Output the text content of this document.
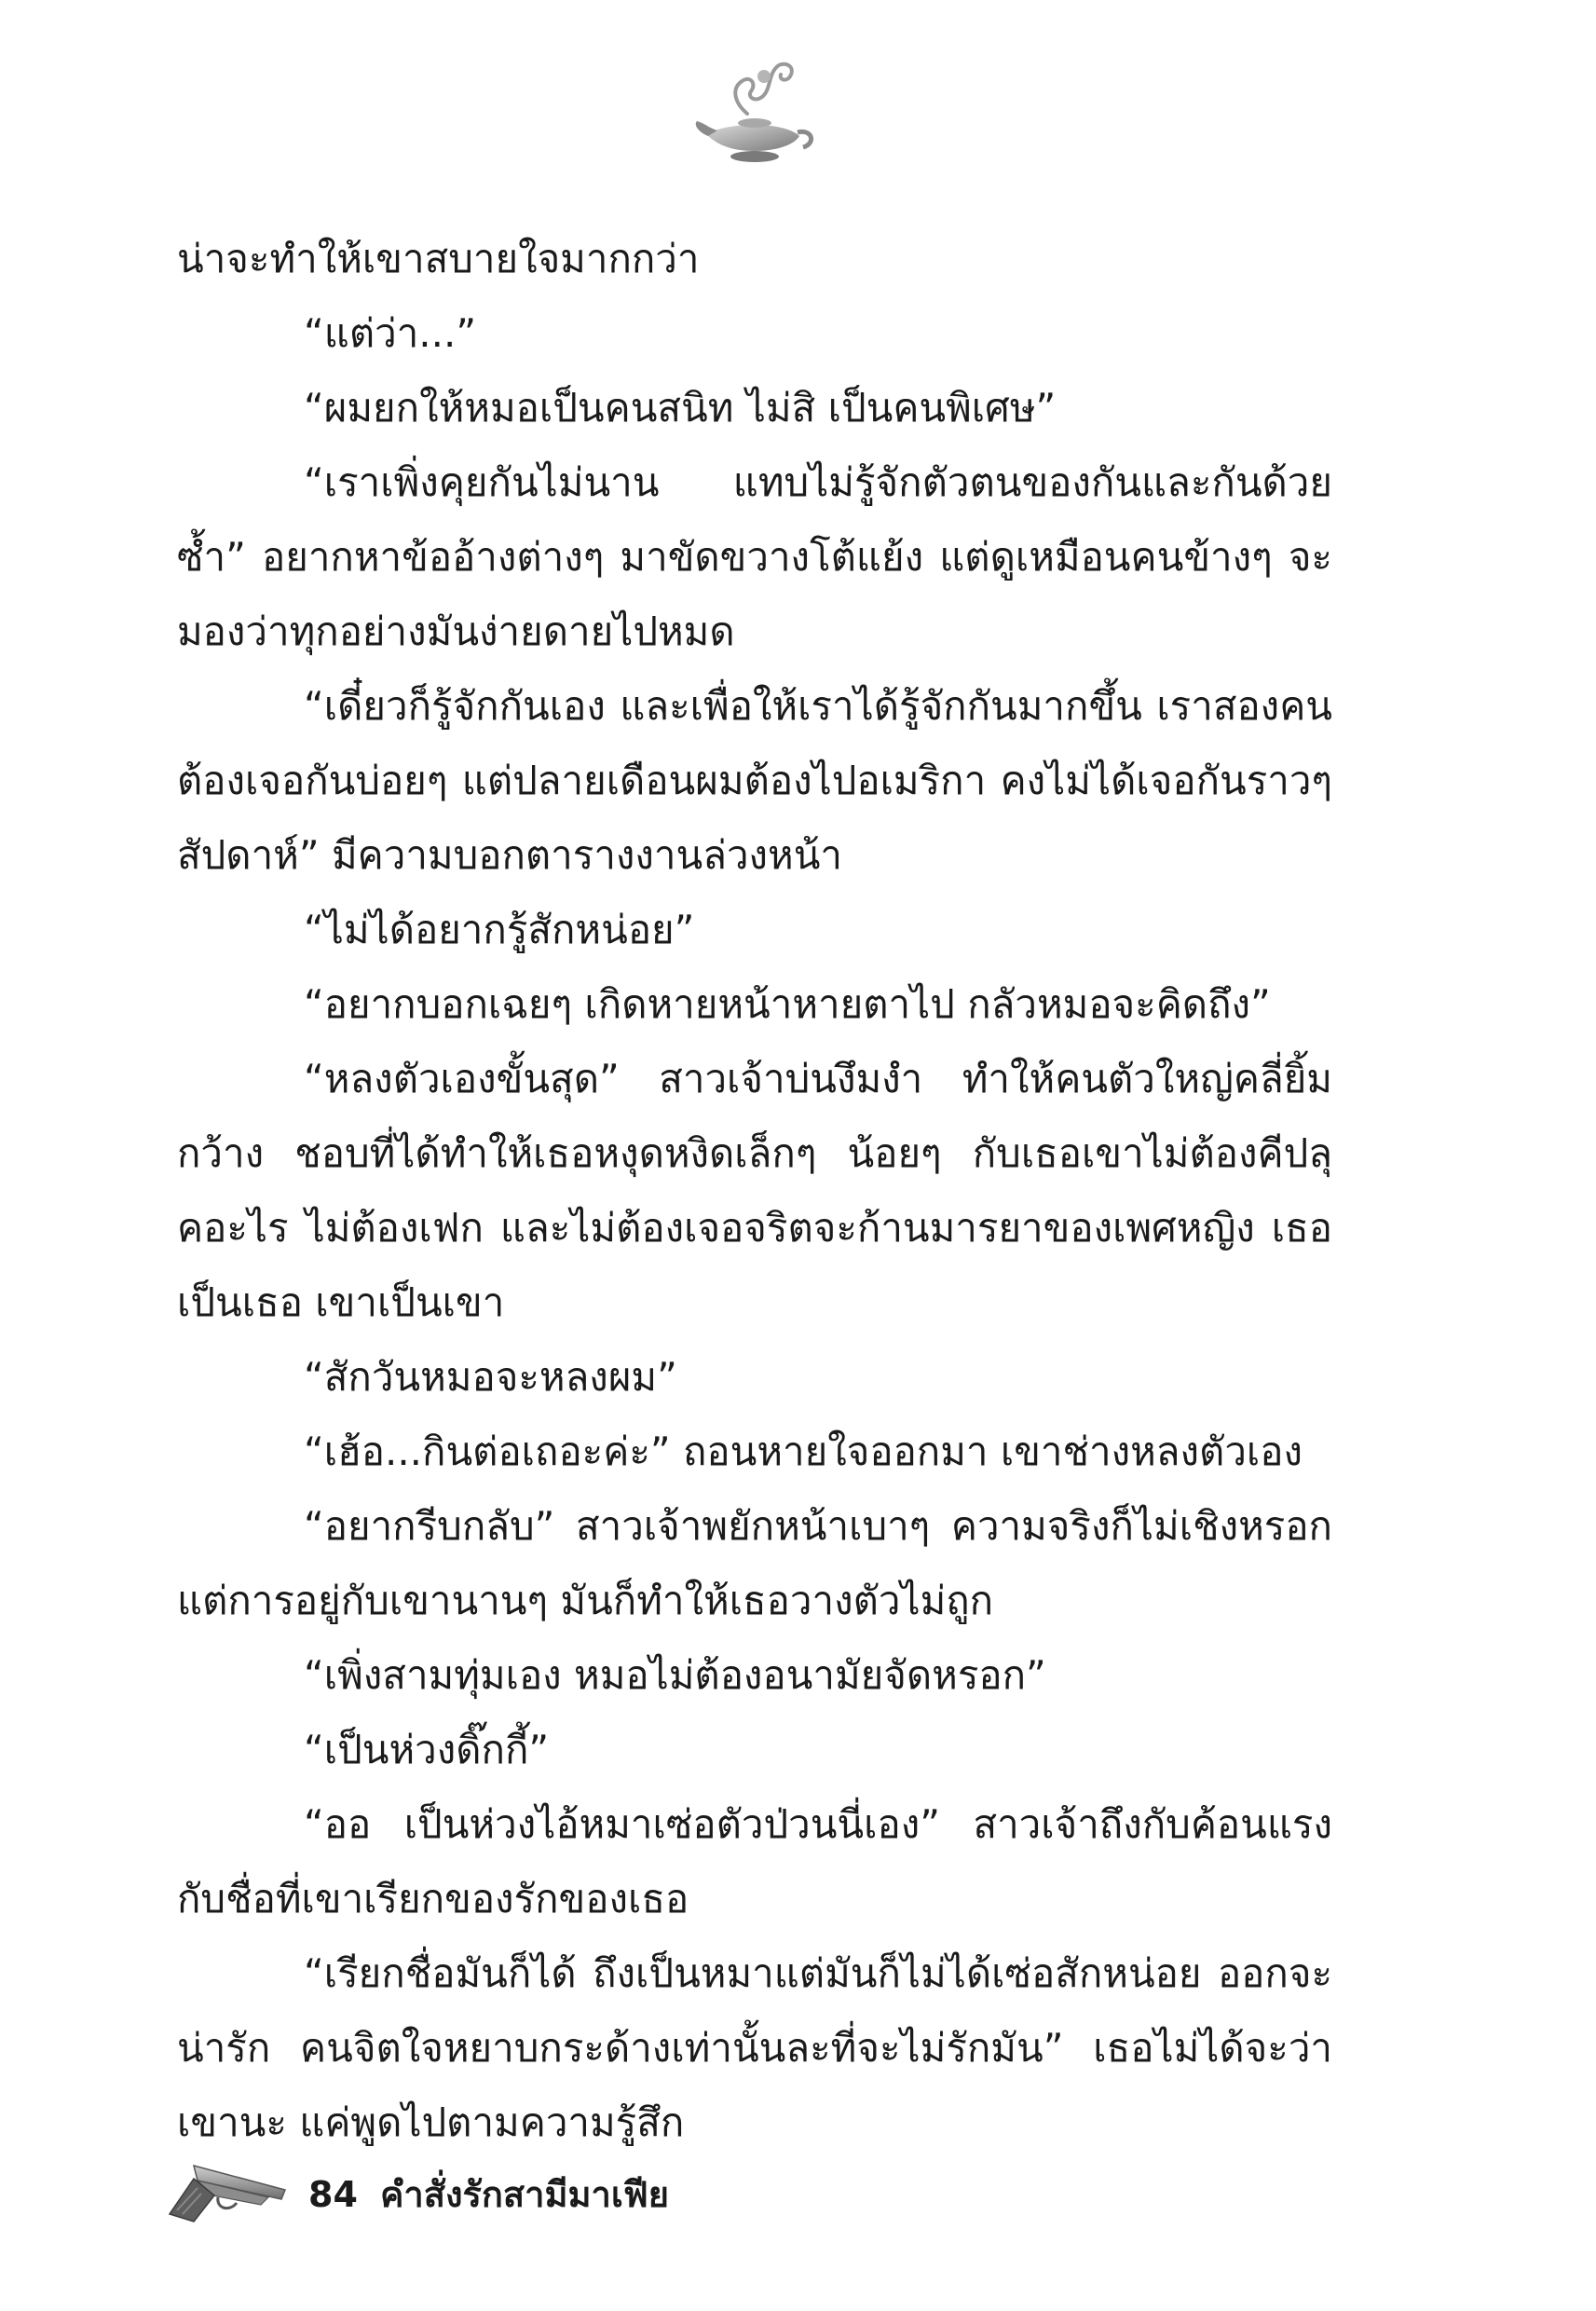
น่าจะทำให้เขาสบายใจมากกว่า

“แต่ว่า...”

“ผมยกให้หมอเป็นคนสนิท ไม่สิ เป็นคนพิเศษ”

“เราเพิ่งคุยกันไม่นาน แทบไม่รู้จักตัวตนของกันและกันด้วยซ้ำ” อยากหาข้ออ้างต่างๆ มาขัดขวางโต้แย้ง แต่ดูเหมือนคนข้างๆ จะมองว่าทุกอย่างมันง่ายดายไปหมด

“เดี๋ยวก็รู้จักกันเอง และเพื่อให้เราได้รู้จักกันมากขึ้น เราสองคนต้องเจอกันบ่อยๆ แต่ปลายเดือนผมต้องไปอเมริกา คงไม่ได้เจอกันราวๆ สัปดาห์” มีความบอกตารางงานล่วงหน้า

“ไม่ได้อยากรู้สักหน่อย”

“อยากบอกเฉยๆ เกิดหายหน้าหายตาไป กลัวหมอจะคิดถึง”

“หลงตัวเองขั้นสุด” สาวเจ้าบ่นงึมงำ ทำให้คนตัวใหญ่คลี่ยิ้มกว้าง ชอบที่ได้ทำให้เธอหงุดหงิดเล็กๆ น้อยๆ กับเธอเขาไม่ต้องคีปลุคอะไร ไม่ต้องเฟก และไม่ต้องเจอจริตจะก้านมารยาของเพศหญิง เธอเป็นเธอ เขาเป็นเขา

“สักวันหมอจะหลงผม”

“เฮ้อ...กินต่อเถอะค่ะ” ถอนหายใจออกมา เขาช่างหลงตัวเอง

“อยากรีบกลับ” สาวเจ้าพยักหน้าเบาๆ ความจริงก็ไม่เชิงหรอก แต่การอยู่กับเขานานๆ มันก็ทำให้เธอวางตัวไม่ถูก

“เพิ่งสามทุ่มเอง หมอไม่ต้องอนามัยจัดหรอก”

“เป็นห่วงดิ๊กกี้”

“ออ เป็นห่วงไอ้หมาเซ่อตัวป่วนนี่เอง” สาวเจ้าถึงกับค้อนแรงกับชื่อที่เขาเรียกของรักของเธอ

“เรียกชื่อมันก็ได้ ถึงเป็นหมาแต่มันก็ไม่ได้เซ่อสักหน่อย ออกจะน่ารัก คนจิตใจหยาบกระด้างเท่านั้นละที่จะไม่รักมัน” เธอไม่ได้จะว่าเขานะ แค่พูดไปตามความรู้สึก

84 คำสั่งรักสามีมาเฟีย
